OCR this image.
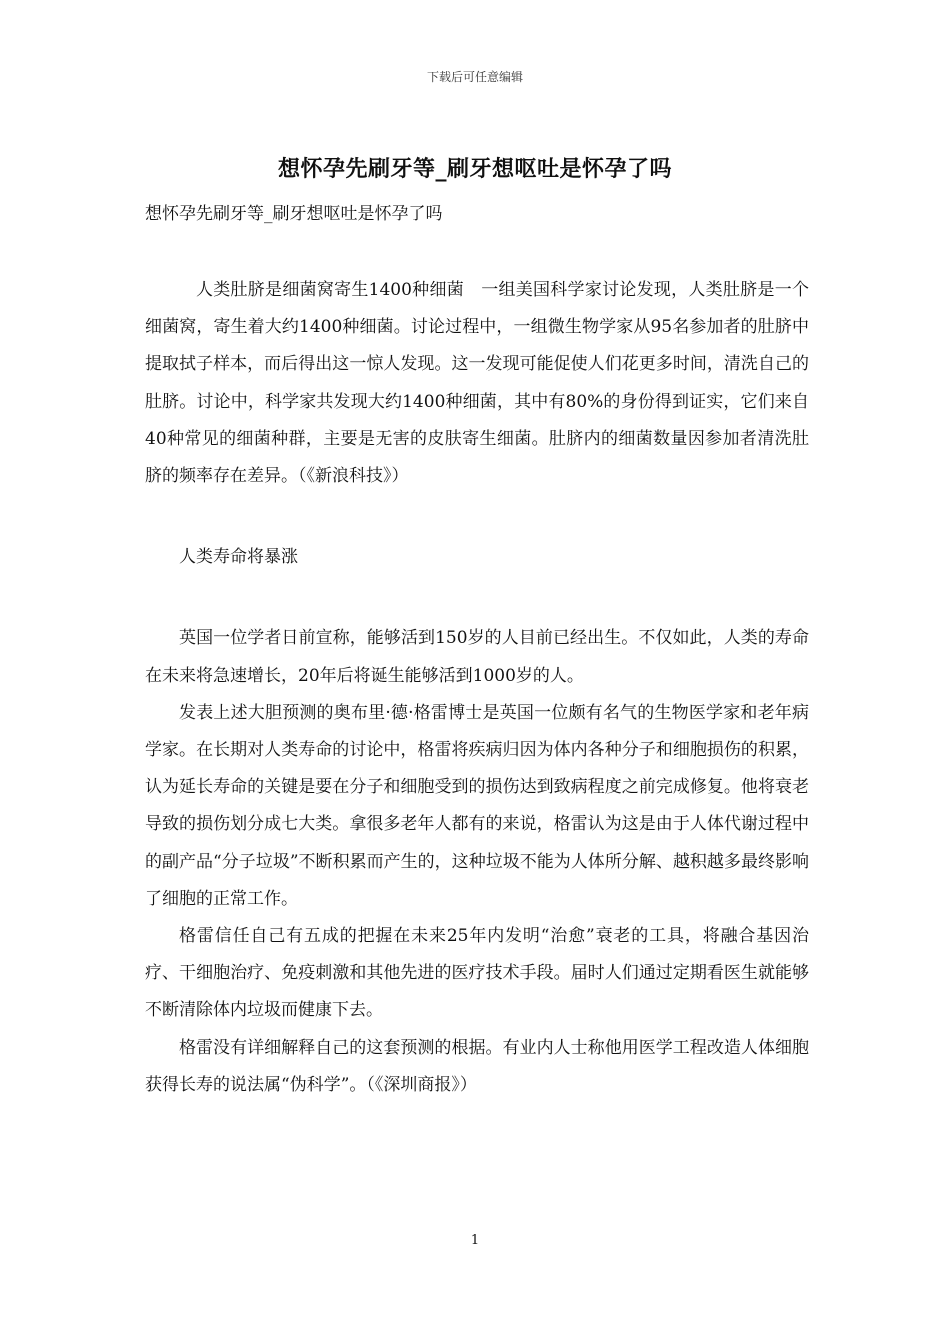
下载后可任意编辑
想怀孕先刷牙等_刷牙想呕吐是怀孕了吗
想怀孕先刷牙等_刷牙想呕吐是怀孕了吗

人类肚脐是细菌窝寄生1400种细菌　一组美国科学家讨论发现，人类肚脐是一个细菌窝，寄生着大约1400种细菌。讨论过程中，一组微生物学家从95名参加者的肚脐中提取拭子样本，而后得出这一惊人发现。这一发现可能促使人们花更多时间，清洗自己的肚脐。讨论中，科学家共发现大约1400种细菌，其中有80%的身份得到证实，它们来自40种常见的细菌种群，主要是无害的皮肤寄生细菌。肚脐内的细菌数量因参加者清洗肚脐的频率存在差异。（《新浪科技》）

人类寿命将暴涨

英国一位学者日前宣称，能够活到150岁的人目前已经出生。不仅如此，人类的寿命在未来将急速增长，20年后将诞生能够活到1000岁的人。

发表上述大胆预测的奥布里·德·格雷博士是英国一位颇有名气的生物医学家和老年病学家。在长期对人类寿命的讨论中，格雷将疾病归因为体内各种分子和细胞损伤的积累，认为延长寿命的关键是要在分子和细胞受到的损伤达到致病程度之前完成修复。他将衰老导致的损伤划分成七大类。拿很多老年人都有的来说，格雷认为这是由于人体代谢过程中的副产品“分子垃圾”不断积累而产生的，这种垃圾不能为人体所分解、越积越多最终影响了细胞的正常工作。

格雷信任自己有五成的把握在未来25年内发明“治愈”衰老的工具，将融合基因治疗、干细胞治疗、免疫刺激和其他先进的医疗技术手段。届时人们通过定期看医生就能够不断清除体内垃圾而健康下去。

格雷没有详细解释自己的这套预测的根据。有业内人士称他用医学工程改造人体细胞获得长寿的说法属“伪科学”。（《深圳商报》）

1
